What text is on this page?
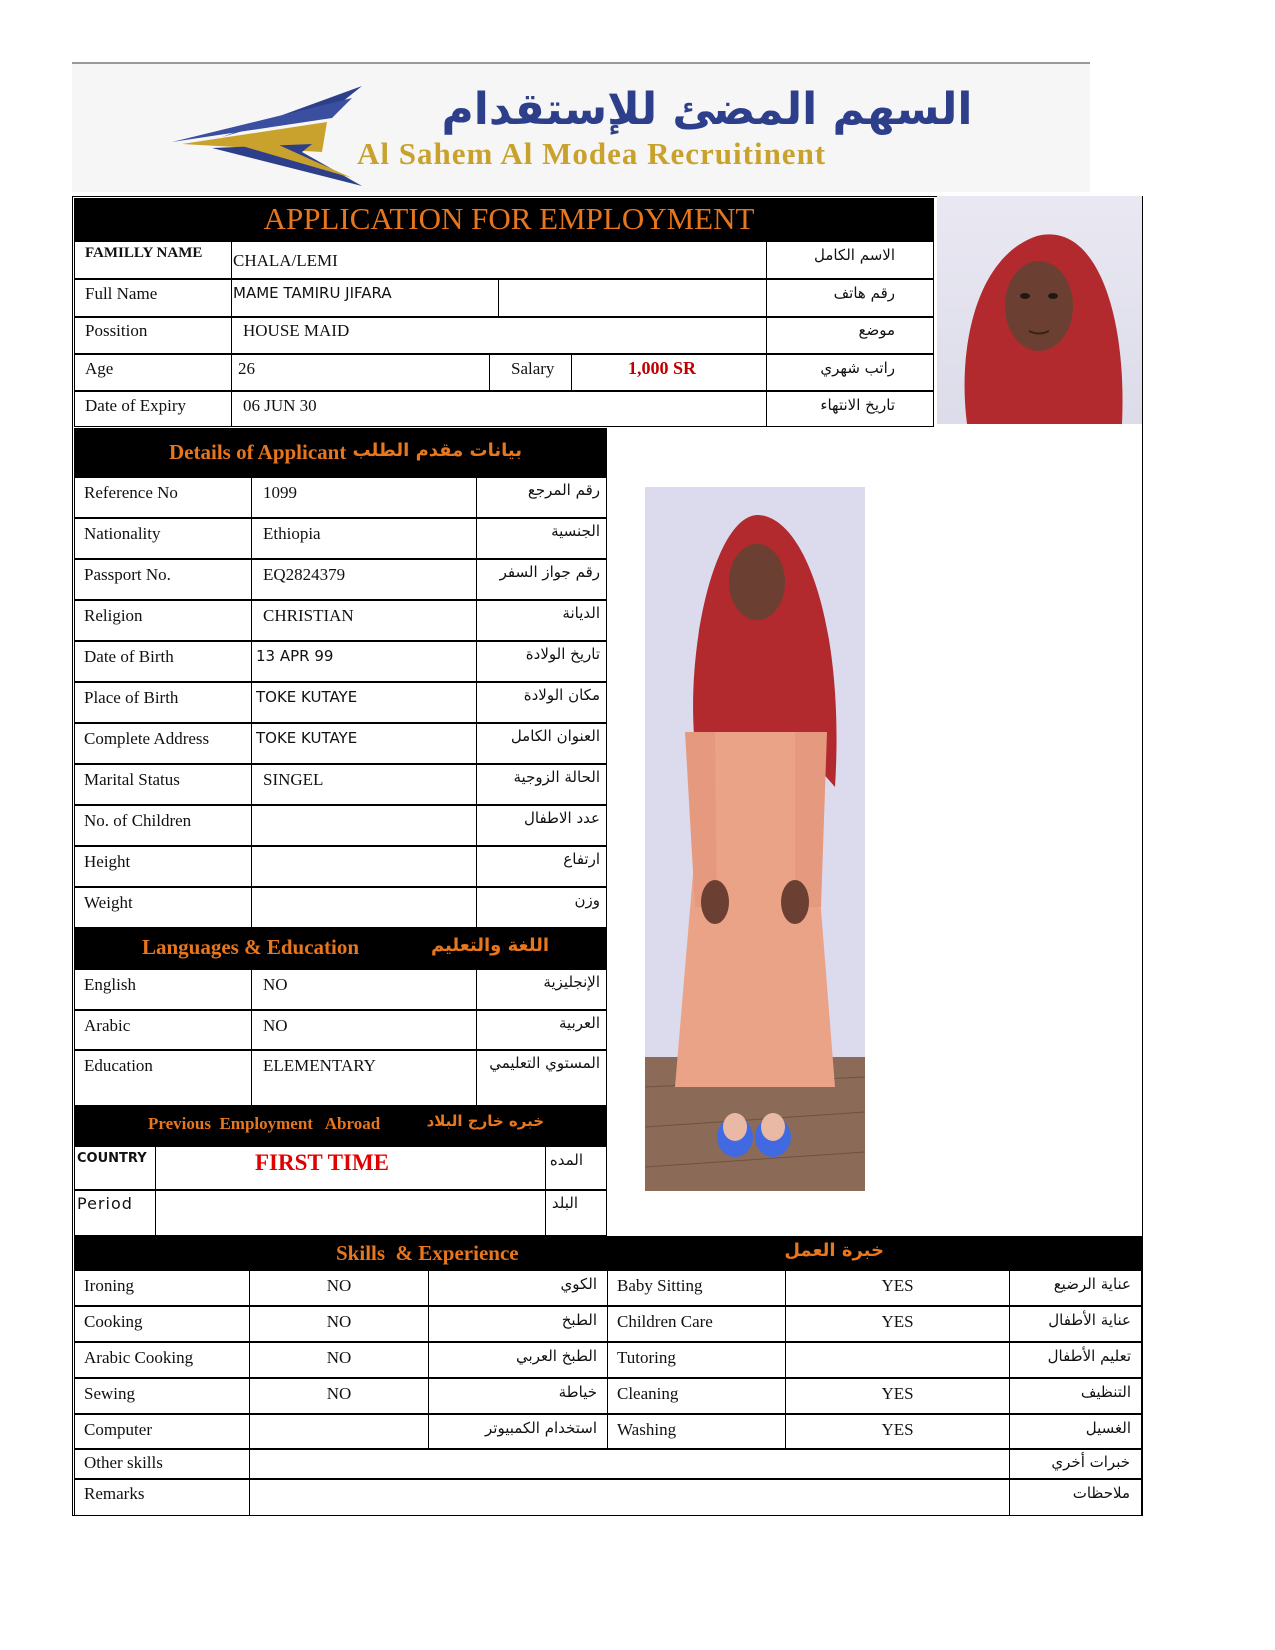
السهم المضئ للإستقدام
Al Sahem Al Modea Recruitinent
APPLICATION FOR EMPLOYMENT
FAMILLY NAME CHALA/LEMI	الاسم الكامل
Full Name	MAME TAMIRU JIFARA	رقم هاتف
Possition	HOUSE MAID	موضع
Age	26	Salary	1,000 SR	راتب شهري
Date of Expiry	06 JUN 30	تاريخ الانتهاء
Details of Applicant بيانات مقدم الطلب
Reference No	1099	رقم المرجع
Nationality	Ethiopia	الجنسية
Passport No.	EQ2824379	رقم جواز السفر
Religion	CHRISTIAN	الديانة
Date of Birth	13 APR 99	تاريخ الولادة
Place of Birth	TOKE KUTAYE	مكان الولادة
Complete Address	TOKE KUTAYE	العنوان الكامل
Marital Status	SINGEL	الحالة الزوجية
No. of Children	عدد الاطفال
Height	ارتفاع
Weight	وزن
Languages & Education	اللغة والتعليم
English	NO	الإنجليزية
Arabic	NO	العربية
Education	ELEMENTARY	المستوي التعليمي
Previous  Employment   Abroad	خبره خارج البلاد
COUNTRY	FIRST TIME	المده
Period	البلد
Skills  & Experience	خبرة العمل
Ironing	NO	الكوي Baby Sitting	YES	عناية الرضيع
Cooking	NO	الطبخ Children Care	YES	عناية الأطفال
Arabic Cooking	NO	الطبخ العربي Tutoring	تعليم الأطفال
Sewing	NO	خياطة Cleaning	YES	التنظيف
Computer	استخدام الكمبيوتر Washing	YES	الغسيل
Other skills	خبرات أخري
Remarks	ملاحظات
